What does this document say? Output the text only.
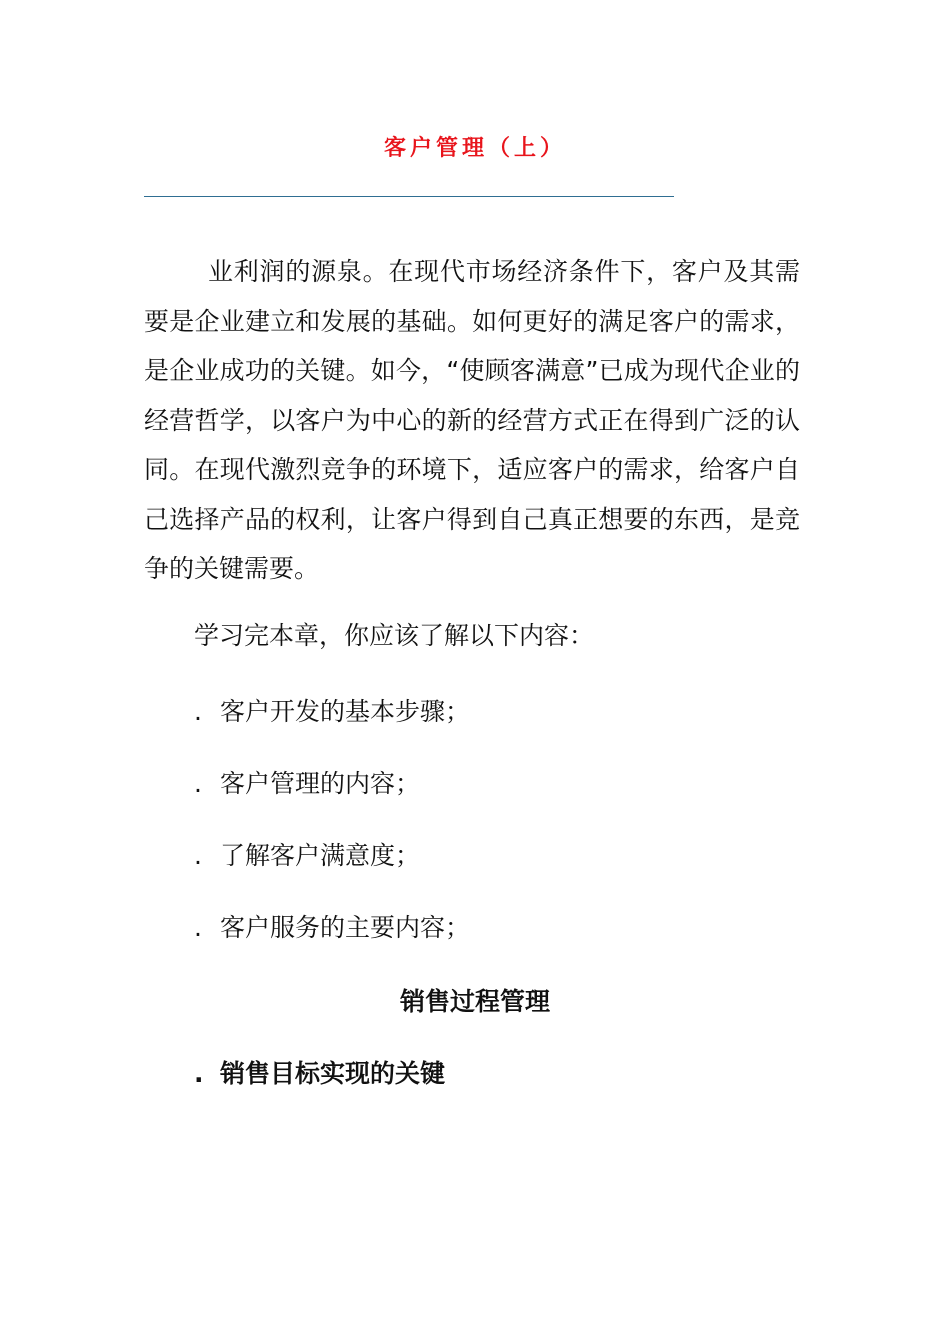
客户管理（上）

业利润的源泉。在现代市场经济条件下，客户及其需要是企业建立和发展的基础。如何更好的满足客户的需求，是企业成功的关键。如今，“使顾客满意”已成为现代企业的经营哲学，以客户为中心的新的经营方式正在得到广泛的认同。在现代激烈竞争的环境下，适应客户的需求，给客户自己选择产品的权利，让客户得到自己真正想要的东西，是竞争的关键需要。

学习完本章，你应该了解以下内容：

. 客户开发的基本步骤；

. 客户管理的内容；

. 了解客户满意度；

. 客户服务的主要内容；

销售过程管理

. 销售目标实现的关键
